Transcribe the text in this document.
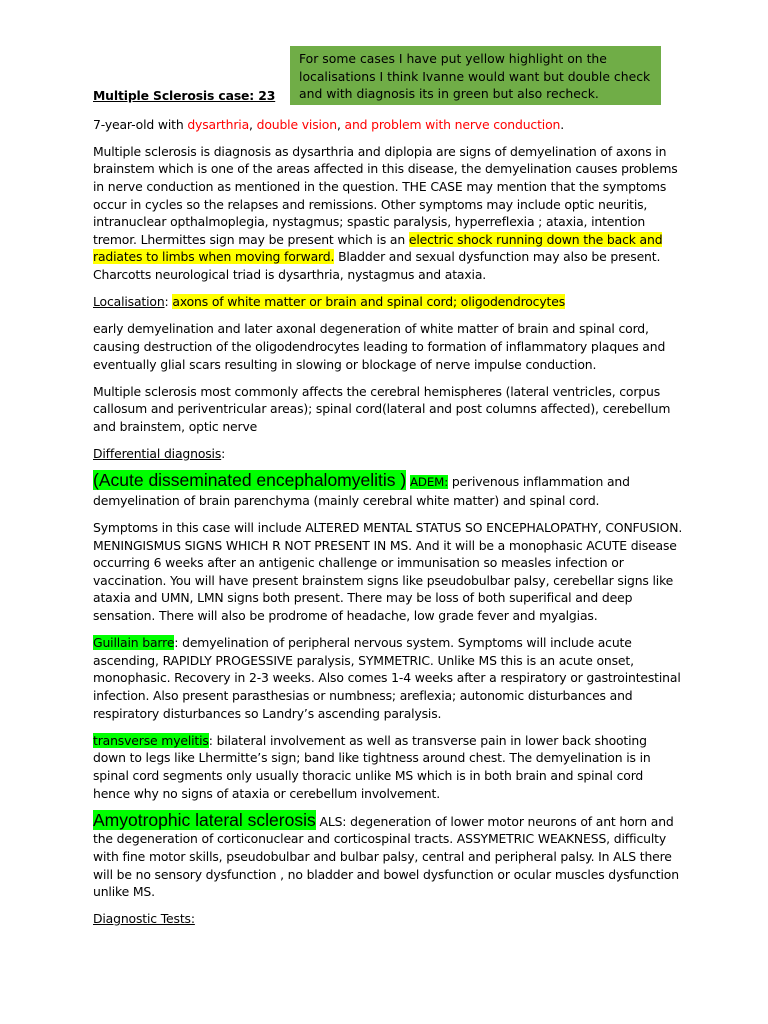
For some cases I have put yellow highlight on the localisations I think Ivanne would want but double check and with diagnosis its in green but also recheck.

Multiple Sclerosis case: 23

7-year-old with dysarthria, double vision, and problem with nerve conduction.

Multiple sclerosis is diagnosis as dysarthria and diplopia are signs of demyelination of axons in brainstem which is one of the areas affected in this disease, the demyelination causes problems in nerve conduction as mentioned in the question. THE CASE may mention that the symptoms occur in cycles so the relapses and remissions. Other symptoms may include optic neuritis, intranuclear opthalmoplegia, nystagmus; spastic paralysis, hyperreflexia ; ataxia, intention tremor. Lhermittes sign may be present which is an electric shock running down the back and radiates to limbs when moving forward. Bladder and sexual dysfunction may also be present. Charcotts neurological triad is dysarthria, nystagmus and ataxia.

Localisation: axons of white matter or brain and spinal cord; oligodendrocytes

early demyelination and later axonal degeneration of white matter of brain and spinal cord, causing destruction of the oligodendrocytes leading to formation of inflammatory plaques and eventually glial scars resulting in slowing or blockage of nerve impulse conduction.

Multiple sclerosis most commonly affects the cerebral hemispheres (lateral ventricles, corpus callosum and periventricular areas); spinal cord(lateral and post columns affected), cerebellum and brainstem, optic nerve

Differential diagnosis:

(Acute disseminated encephalomyelitis ) ADEM: perivenous inflammation and demyelination of brain parenchyma (mainly cerebral white matter) and spinal cord.

Symptoms in this case will include ALTERED MENTAL STATUS SO ENCEPHALOPATHY, CONFUSION. MENINGISMUS SIGNS WHICH R NOT PRESENT IN MS. And it will be a monophasic ACUTE disease occurring 6 weeks after an antigenic challenge or immunisation so measles infection or vaccination. You will have present brainstem signs like pseudobulbar palsy, cerebellar signs like ataxia and UMN, LMN signs both present. There may be loss of both superifical and deep sensation. There will also be prodrome of headache, low grade fever and myalgias.

Guillain barre: demyelination of peripheral nervous system. Symptoms will include acute ascending, RAPIDLY PROGESSIVE paralysis, SYMMETRIC. Unlike MS this is an acute onset, monophasic. Recovery in 2-3 weeks. Also comes 1-4 weeks after a respiratory or gastrointestinal infection. Also present parasthesias or numbness; areflexia; autonomic disturbances and respiratory disturbances so Landry’s ascending paralysis.

transverse myelitis: bilateral involvement as well as transverse pain in lower back shooting down to legs like Lhermitte’s sign; band like tightness around chest. The demyelination is in spinal cord segments only usually thoracic unlike MS which is in both brain and spinal cord hence why no signs of ataxia or cerebellum involvement.

Amyotrophic lateral sclerosis ALS: degeneration of lower motor neurons of ant horn and the degeneration of corticonuclear and corticospinal tracts. ASSYMETRIC WEAKNESS, difficulty with fine motor skills, pseudobulbar and bulbar palsy, central and peripheral palsy. In ALS there will be no sensory dysfunction , no bladder and bowel dysfunction or ocular muscles dysfunction unlike MS.

Diagnostic Tests:
